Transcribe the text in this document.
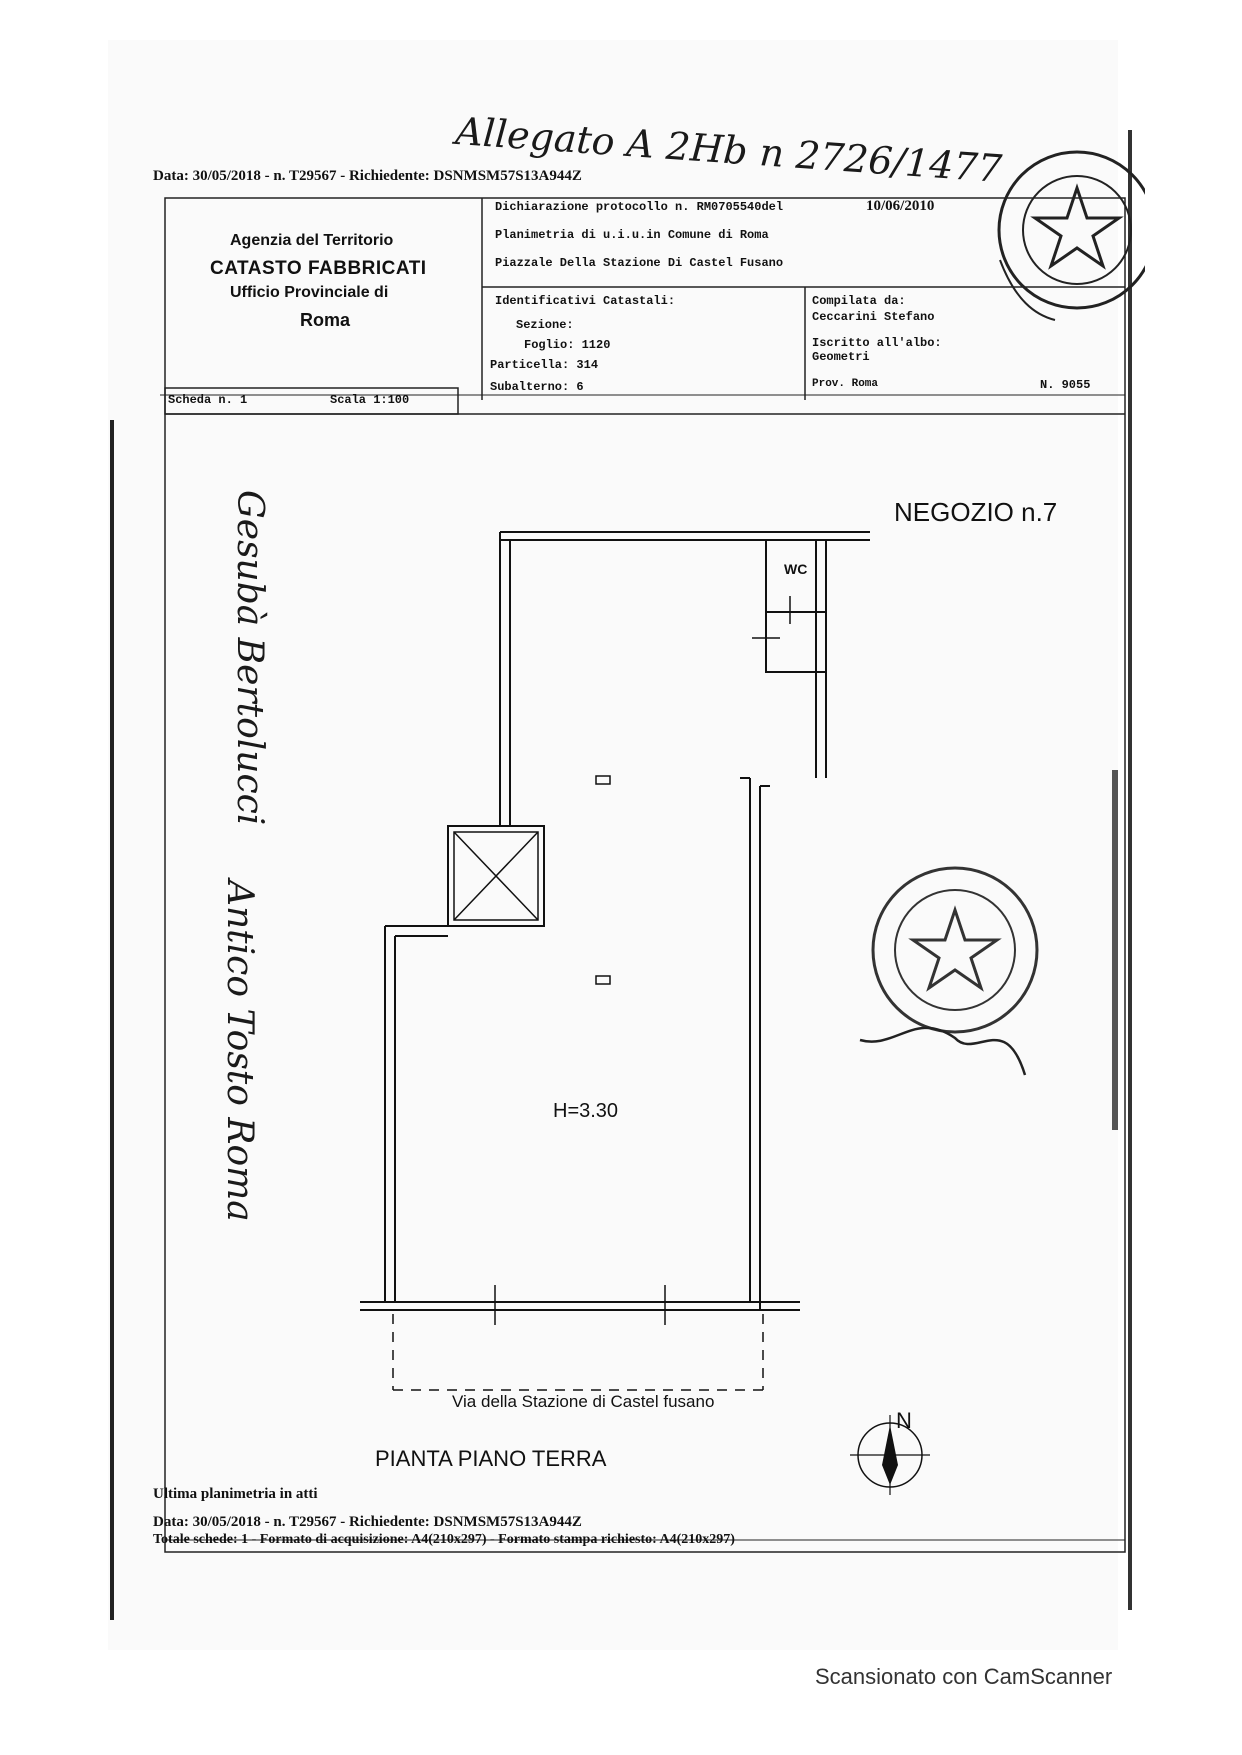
Allegato A 2Hb n 2726/1477
Data: 30/05/2018 - n. T29567 - Richiedente: DSNMSM57S13A944Z
Agenzia del Territorio
CATASTO FABBRICATI
Ufficio Provinciale di
Roma
Dichiarazione protocollo n. RM0705540del	10/06/2010
Planimetria di u.i.u.in Comune di Roma
Piazzale Della Stazione Di Castel Fusano
Identificativi Catastali:
Sezione:
Foglio: 1120
Particella: 314
Subalterno: 6
Compilata da:
Ceccarini Stefano
Iscritto all'albo:
Geometri
Prov. Roma	N. 9055
Scheda n. 1	Scala 1:100
NEGOZIO n.7
WC
H=3.30
Via della Stazione di Castel fusano
PIANTA PIANO TERRA
N
Gesubà Bertolucci
Antico Tosto Roma
Ultima planimetria in atti
Data: 30/05/2018 - n. T29567 - Richiedente: DSNMSM57S13A944Z
Totale schede: 1 - Formato di acquisizione: A4(210x297) - Formato stampa richiesto: A4(210x297)
Scansionato con CamScanner
